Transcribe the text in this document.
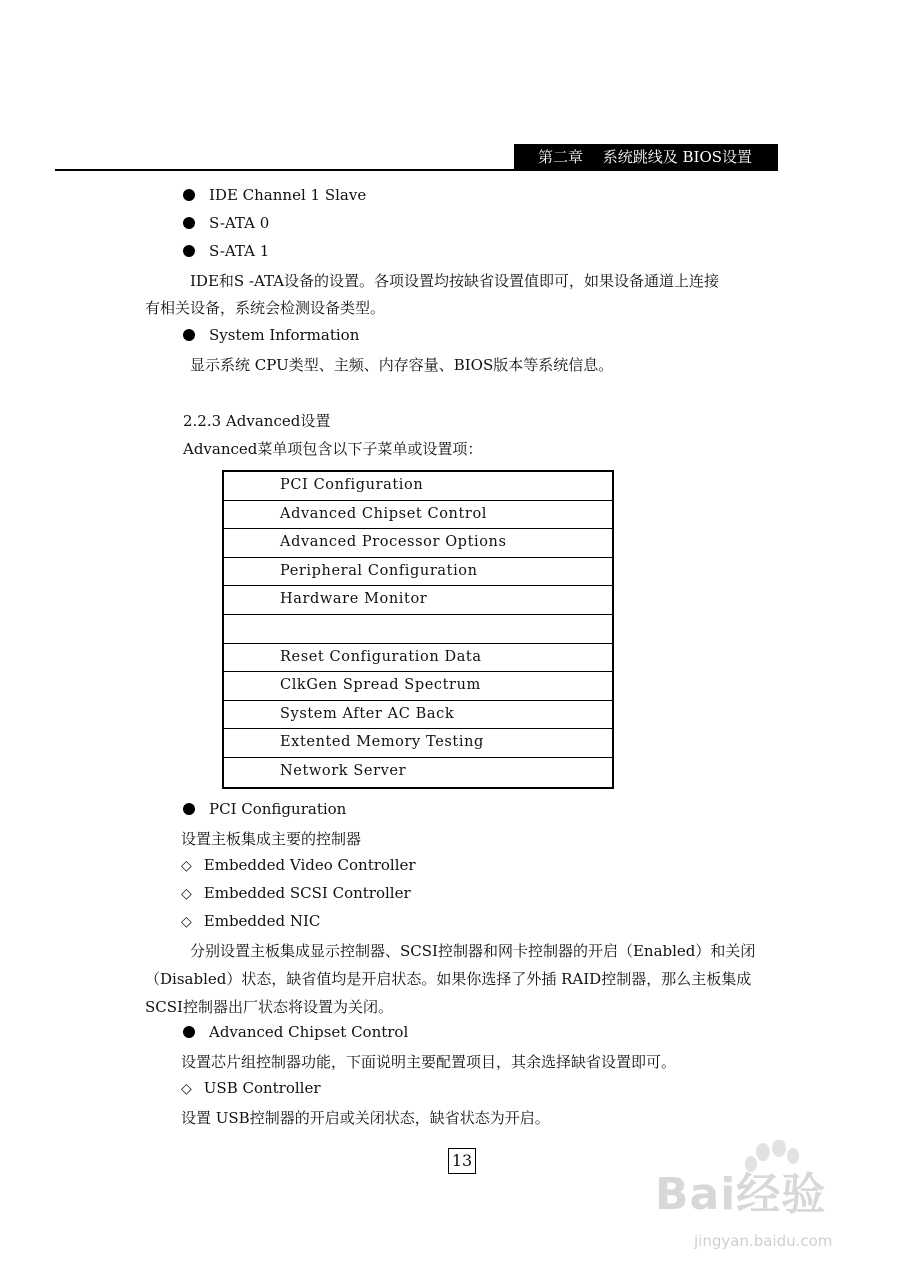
第二章　 系统跳线及 BIOS设置
IDE Channel 1 Slave
S-ATA 0
S-ATA 1
IDE和S -ATA设备的设置。各项设置均按缺省设置值即可，如果设备通道上连接
有相关设备，系统会检测设备类型。
System Information
显示系统 CPU类型、主频、内存容量、BIOS版本等系统信息。
2.2.3 Advanced设置
Advanced菜单项包含以下子菜单或设置项：
PCI Configuration
Advanced Chipset Control
Advanced Processor Options
Peripheral Configuration
Hardware Monitor
Reset Configuration Data
ClkGen Spread Spectrum
System After AC Back
Extented Memory Testing
Network Server
PCI Configuration
设置主板集成主要的控制器
◇ Embedded Video Controller
◇ Embedded SCSI Controller
◇ Embedded NIC
分别设置主板集成显示控制器、SCSI控制器和网卡控制器的开启（Enabled）和关闭
（Disabled）状态，缺省值均是开启状态。如果你选择了外插 RAID控制器，那么主板集成
SCSI控制器出厂状态将设置为关闭。
Advanced Chipset Control
设置芯片组控制器功能，下面说明主要配置项目，其余选择缺省设置即可。
◇ USB Controller
设置 USB控制器的开启或关闭状态，缺省状态为开启。
13
Bai经验
jingyan.baidu.com
